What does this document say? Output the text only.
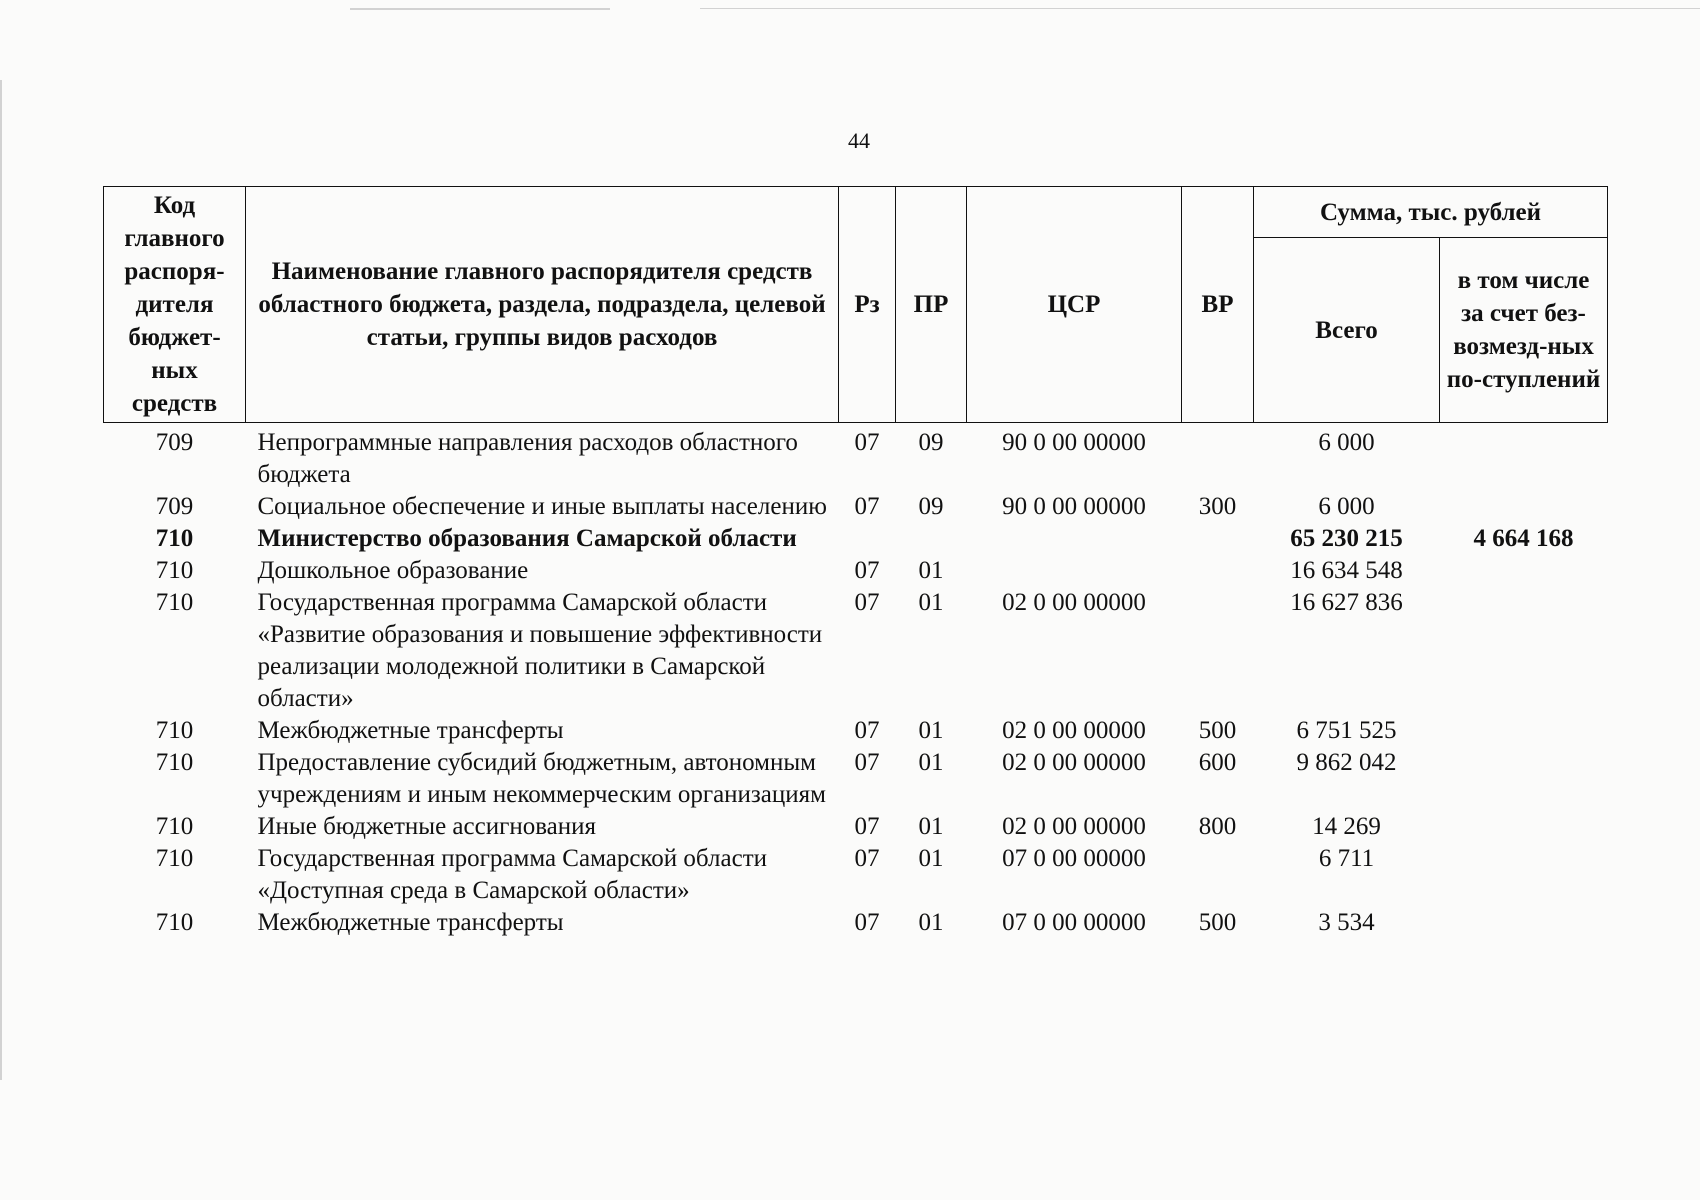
44
Код главного распоря-дителя бюджет-ных средств	Наименование главного распорядителя средств областного бюджета, раздела, подраздела, целевой статьи, группы видов расходов	Рз	ПР	ЦСР	ВР	Сумма, тыс. рублей	
						Всего	в том числе за счет без-возмезд-ных по-ступлений
709	Непрограммные направления расходов областного бюджета	07	09	90 0 00 00000		6 000	
709	Социальное обеспечение и иные выплаты населению	07	09	90 0 00 00000	300	6 000	
710	Министерство образования Самарской области					65 230 215	4 664 168
710	Дошкольное образование	07	01			16 634 548	
710	Государственная программа Самарской области «Развитие образования и повышение эффективности реализации молодежной политики в Самарской области»	07	01	02 0 00 00000		16 627 836	
710	Межбюджетные трансферты	07	01	02 0 00 00000	500	6 751 525	
710	Предоставление субсидий бюджетным, автономным учреждениям и иным некоммерческим организациям	07	01	02 0 00 00000	600	9 862 042	
710	Иные бюджетные ассигнования	07	01	02 0 00 00000	800	14 269	
710	Государственная программа Самарской области «Доступная среда в Самарской области»	07	01	07 0 00 00000		6 711	
710	Межбюджетные трансферты	07	01	07 0 00 00000	500	3 534	
